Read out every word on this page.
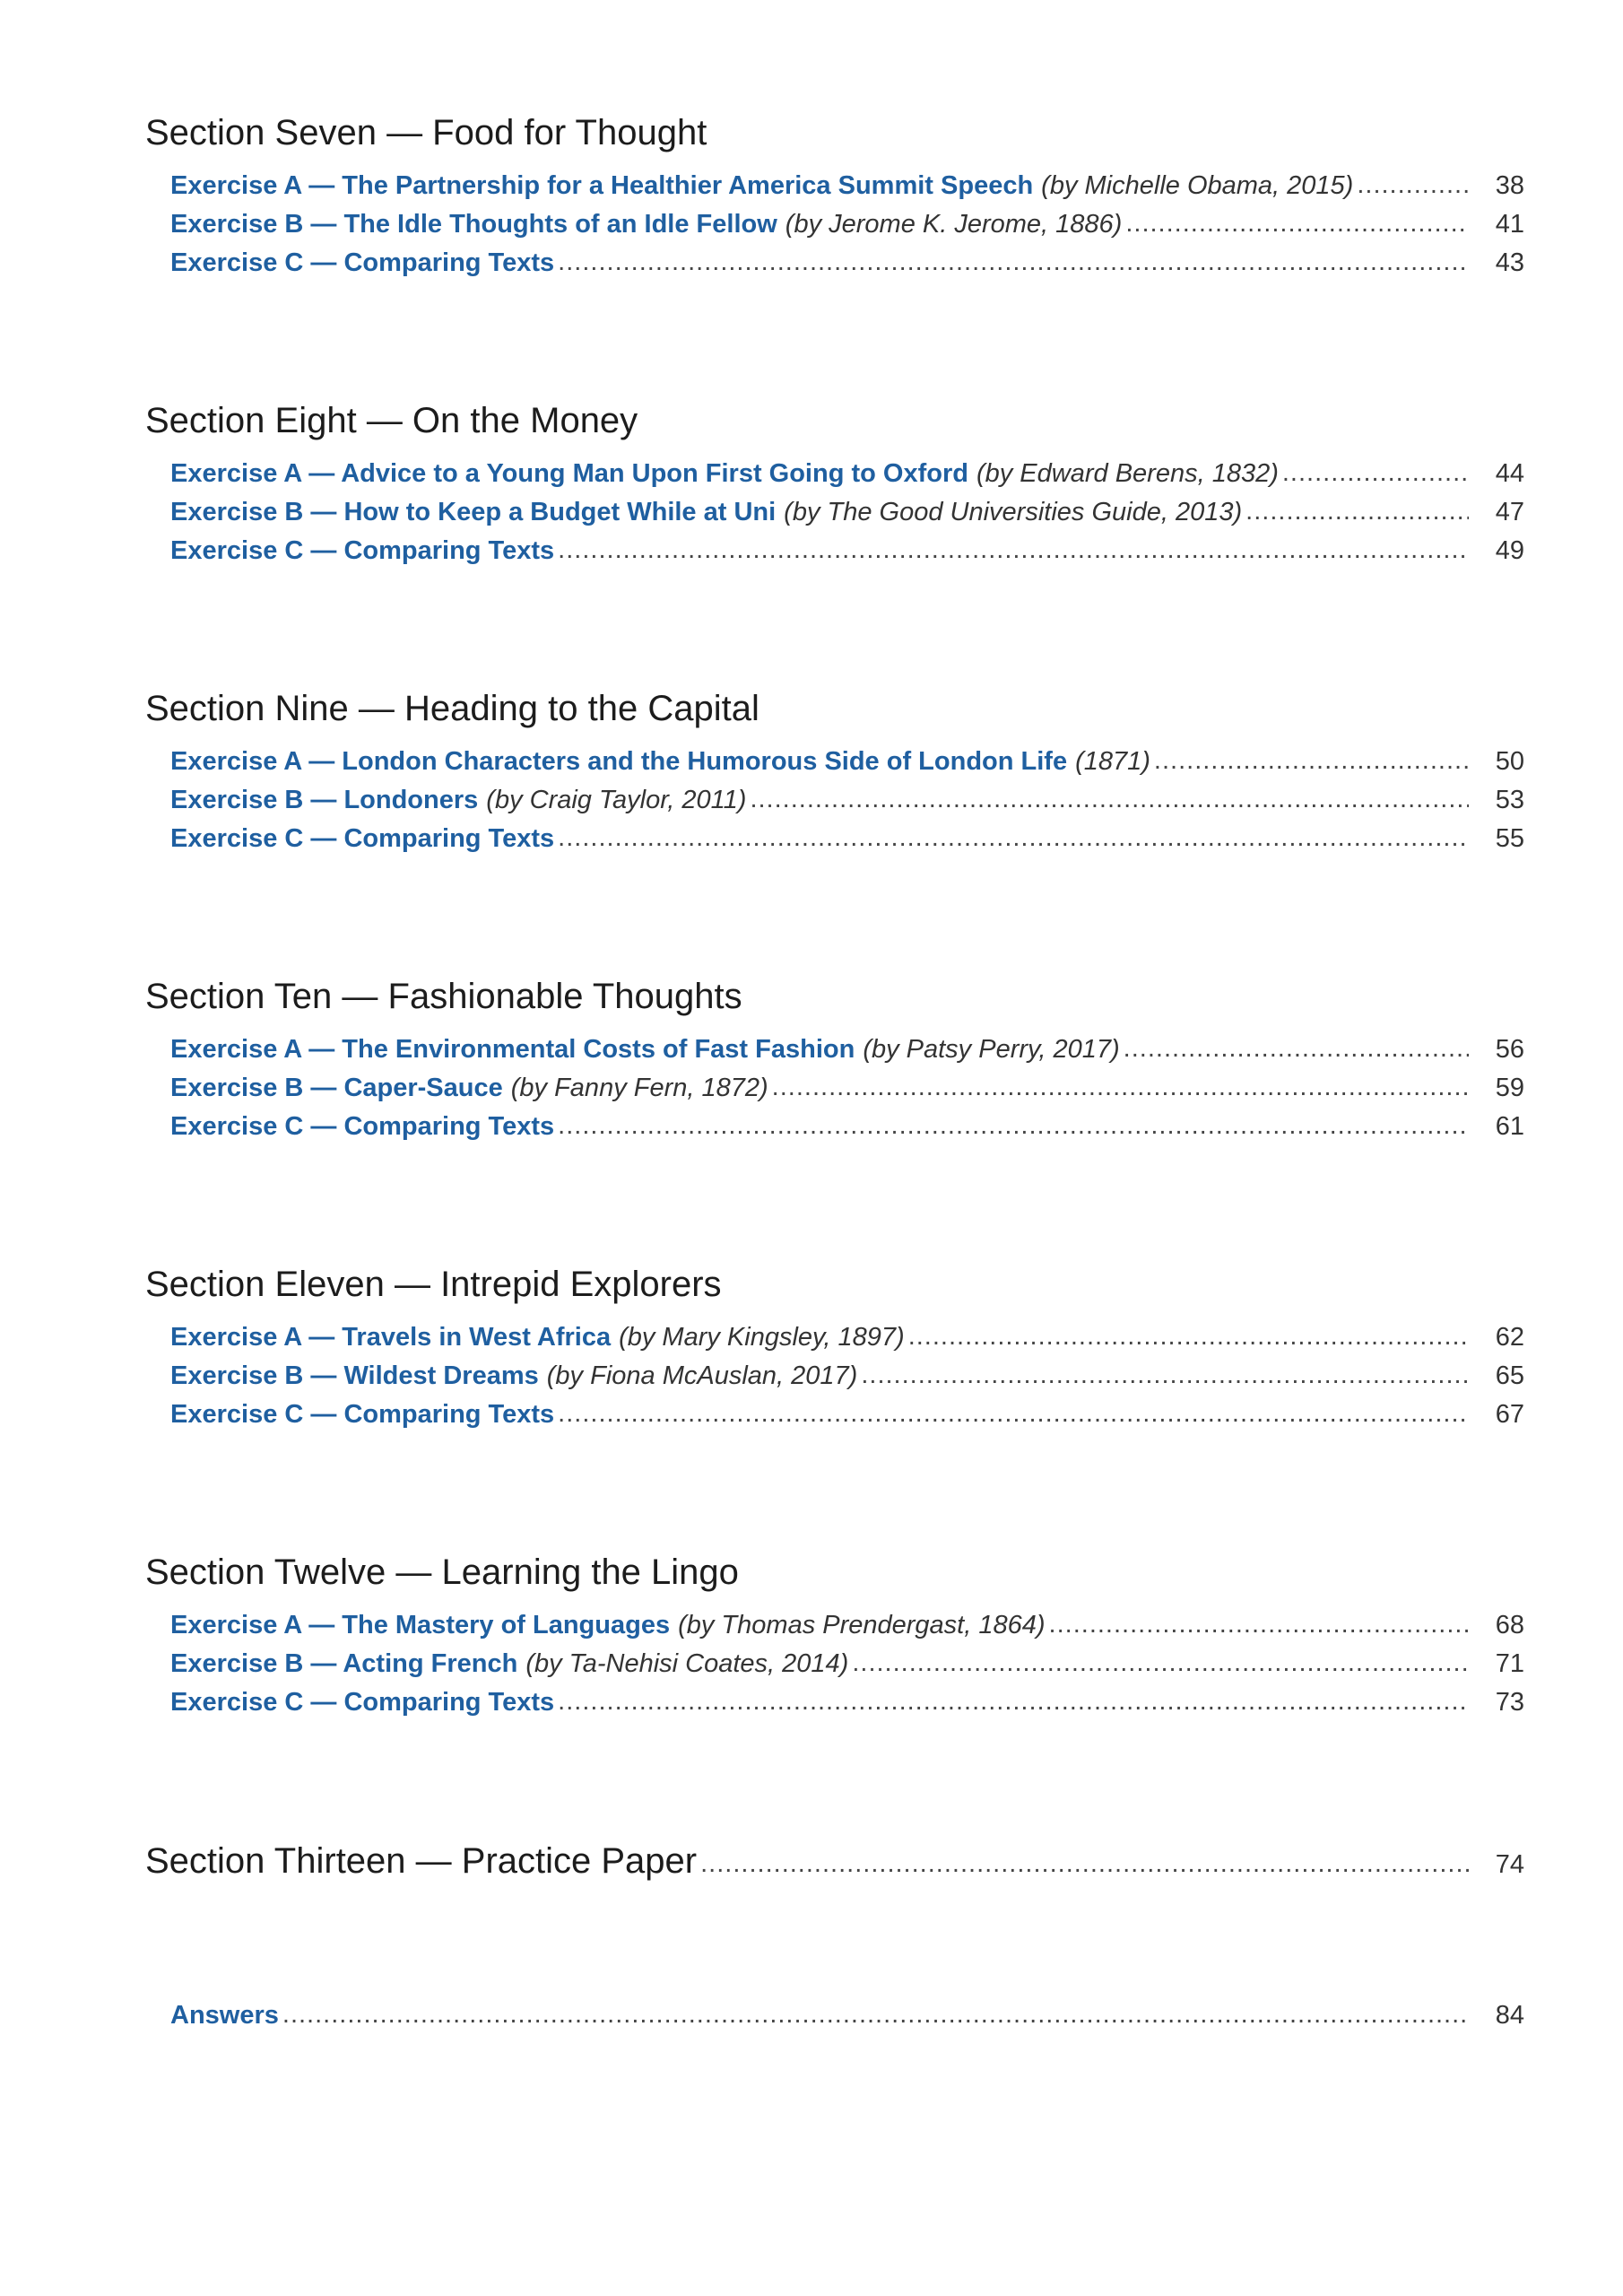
Section Seven — Food for Thought
Exercise A — The Partnership for a Healthier America Summit Speech (by Michelle Obama, 2015) .....	38
Exercise B — The Idle Thoughts of an Idle Fellow (by Jerome K. Jerome, 1886) .....	41
Exercise C — Comparing Texts .....	43
Section Eight — On the Money
Exercise A — Advice to a Young Man Upon First Going to Oxford (by Edward Berens, 1832) .....	44
Exercise B — How to Keep a Budget While at Uni (by The Good Universities Guide, 2013) .....	47
Exercise C — Comparing Texts .....	49
Section Nine — Heading to the Capital
Exercise A — London Characters and the Humorous Side of London Life (1871) .....	50
Exercise B — Londoners (by Craig Taylor, 2011) .....	53
Exercise C — Comparing Texts .....	55
Section Ten — Fashionable Thoughts
Exercise A — The Environmental Costs of Fast Fashion (by Patsy Perry, 2017) .....	56
Exercise B — Caper-Sauce (by Fanny Fern, 1872) .....	59
Exercise C — Comparing Texts .....	61
Section Eleven — Intrepid Explorers
Exercise A — Travels in West Africa (by Mary Kingsley, 1897) .....	62
Exercise B — Wildest Dreams (by Fiona McAuslan, 2017) .....	65
Exercise C — Comparing Texts .....	67
Section Twelve — Learning the Lingo
Exercise A — The Mastery of Languages (by Thomas Prendergast, 1864) .....	68
Exercise B — Acting French (by Ta-Nehisi Coates, 2014) .....	71
Exercise C — Comparing Texts .....	73
Section Thirteen — Practice Paper .....	74
Answers .....	84
